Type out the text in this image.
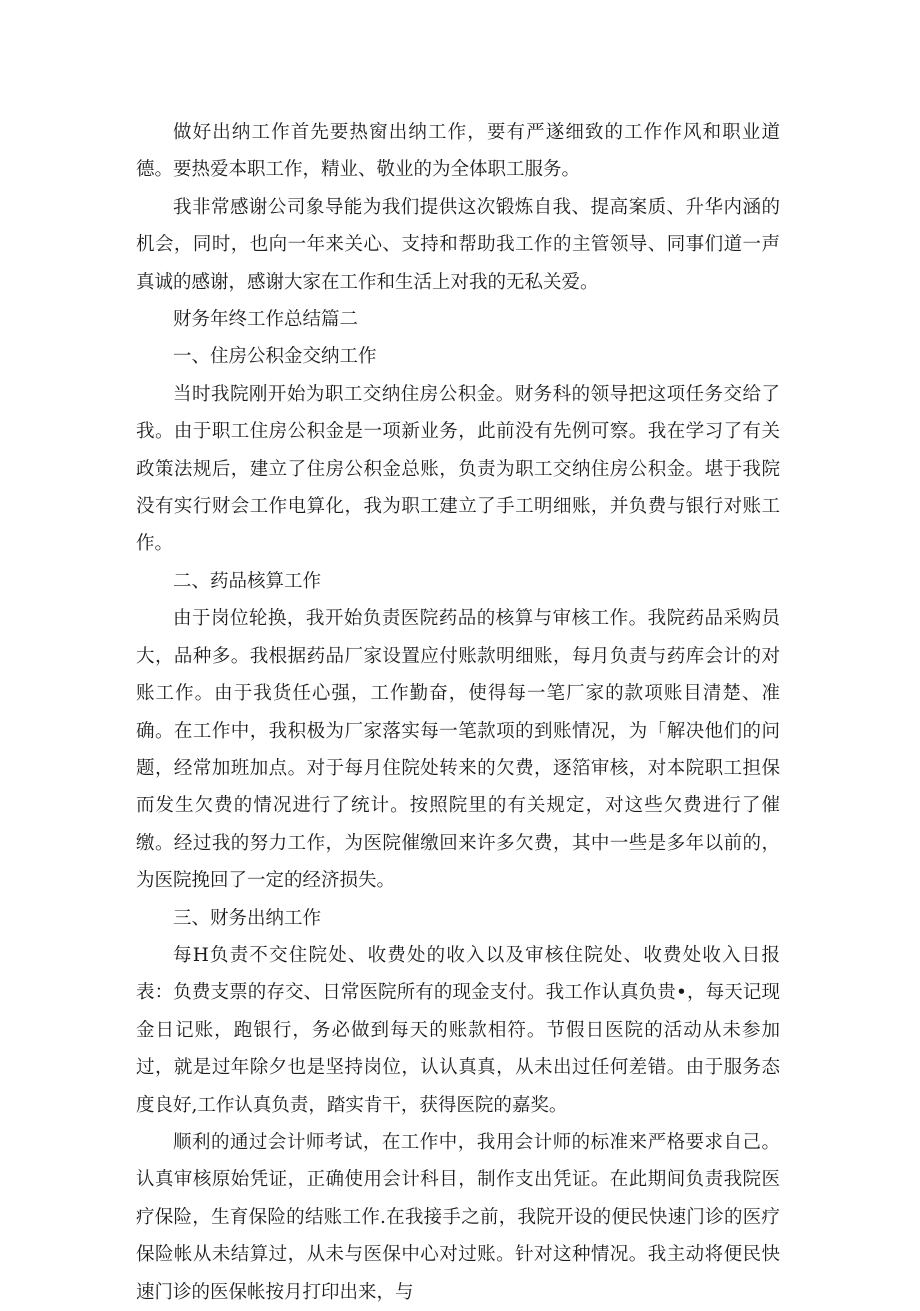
做好出纳工作首先要热窗出纳工作，要有严遂细致的工作作风和职业道德。要热爱本职工作，精业、敬业的为全体职工服务。

我非常感谢公司象导能为我们提供这次锻炼自我、提高案质、升华内涵的机会，同时，也向一年来关心、支持和帮助我工作的主管领导、同事们道一声真诚的感谢，感谢大家在工作和生活上对我的无私关爱。

财务年终工作总结篇二

一、住房公积金交纳工作

当时我院刚开始为职工交纳住房公积金。财务科的领导把这项任务交给了我。由于职工住房公积金是一项新业务，此前没有先例可察。我在学习了有关政策法规后，建立了住房公积金总账，负责为职工交纳住房公积金。堪于我院没有实行财会工作电算化，我为职工建立了手工明细账，并负费与银行对账工作。

二、药品核算工作

由于岗位轮换，我开始负责医院药品的核算与审核工作。我院药品采购员大，品种多。我根据药品厂家设置应付账款明细账，每月负责与药库会计的对账工作。由于我货任心强，工作勤奋，使得每一笔厂家的款项账目清楚、准确。在工作中，我积极为厂家落实每一笔款项的到账情况，为「解决他们的问题，经常加班加点。对于每月住院处转来的欠费，逐箔审核，对本院职工担保而发生欠费的情况进行了统计。按照院里的有关规定，对这些欠费进行了催缴。经过我的努力工作，为医院催缴回来许多欠费，其中一些是多年以前的，为医院挽回了一定的经济损失。

三、财务出纳工作

每H负责不交住院处、收费处的收入以及审核住院处、收费处收入日报表：负费支票的存交、日常医院所有的现金支付。我工作认真负贵•，每天记现金日记账，跑银行，务必做到每天的账款相符。节假日医院的活动从未参加过，就是过年除夕也是坚持岗位，认认真真，从未出过任何差错。由于服务态度良好,工作认真负责，踏实肯干，获得医院的嘉奖。

顺利的通过会计师考试，在工作中，我用会计师的标准来严格要求自己。认真审核原始凭证，正确使用会计科目，制作支出凭证。在此期间负责我院医疗保险，生育保险的结账工作.在我接手之前，我院开设的便民快速门诊的医疗保险帐从未结算过，从未与医保中心对过账。针对这种情况。我主动将便民快速门诊的医保帐按月打印出来，与
